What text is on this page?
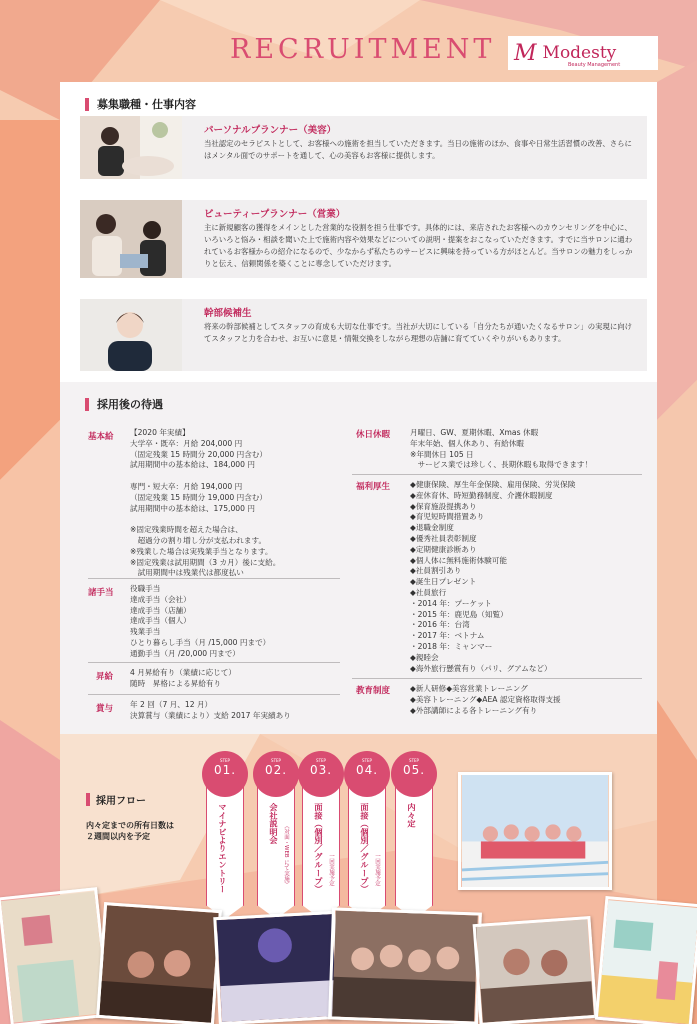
RECRUITMENT M Modesty
Beauty Management
募集職種・仕事内容
パーソナルプランナー（美容）
当社認定のセラピストとして、お客様への施術を担当していただきます。当日の施術のほか、食事や日常生活習慣の改善、さらにはメンタル面でのサポートを通して、心の美容もお客様に提供します。
ビューティープランナー（営業）
主に新規顧客の獲得をメインとした営業的な役割を担う仕事です。具体的には、来店されたお客様へのカウンセリングを中心に、いろいろと悩み・相談を聞いた上で施術内容や効果などについての説明・提案をおこなっていただきます。すでに当サロンに通われているお客様からの紹介になるので、少なからず私たちのサービスに興味を持っている方がほとんど。当サロンの魅力をしっかりと伝え、信頼関係を築くことに専念していただけます。
幹部候補生
将来の幹部候補としてスタッフの育成も大切な仕事です。当社が大切にしている「自分たちが通いたくなるサロン」の実現に向けてスタッフと力を合わせ、お互いに意見・情報交換をしながら理想の店舗に育てていくやりがいもあります。
採用後の待遇
基本給 【2020 年実績】
大学卒・既卒：月給 204,000 円
（固定残業 15 時間分 20,000 円含む）
試用期間中の基本給は、184,000 円

専門・短大卒：月給 194,000 円
（固定残業 15 時間分 19,000 円含む）
試用期間中の基本給は、175,000 円

※固定残業時間を超えた場合は、
　超過分の割り増し分が支払われます。
※残業した場合は実残業手当となります。
※固定残業は試用期間（3 カ月）後に支給。
　試用期間中は残業代は都度払い
諸手当 役職手当
達成手当（会社）
達成手当（店舗）
達成手当（個人）
残業手当
ひとり暮らし手当（月 /15,000 円まで）
通勤手当（月 /20,000 円まで）
昇給 4 月昇給有り（業績に応じて）
随時　昇格による昇給有り
賞与 年 2 回（7 月、12 月）
決算賞与（業績により）支給 2017 年実績あり
休日休暇	月曜日、GW、夏期休暇、Xmas 休暇
年末年始、個人休あり、有給休暇
※年間休日 105 日
　サービス業では珍しく、長期休暇も取得できます！
福利厚生	◆健康保険、厚生年金保険、雇用保険、労災保険
◆産休育休、時短勤務制度、介護休暇制度
◆保育施設提携あり
◆育児短時間措置あり
◆退職金制度
◆優秀社員表彰制度
◆定期健康診断あり
◆個人体に無料施術体験可能
◆社員割引あり
◆誕生日プレゼント
◆社員旅行
・2014 年：プーケット
・2015 年：鹿児島（知覧）
・2016 年：台湾
・2017 年：ベトナム
・2018 年：ミャンマー
◆親睦会
◆海外旅行懸賞有り（パリ、グアムなど）
教育制度	◆新人研修◆美容営業トレーニング
◆美容トレーニング◆AEA 認定資格取得支援
◆外部講師による各トレーニング有り
採用フロー
内々定までの所有日数は
２週間以内を予定
STEP
01.
マイナビよりエントリー
STEP
02.
会社説明会 （対面・WEB にて実施）
STEP
03.
面接（個別／グループ） 一回実施予定
STEP
04.
面接（個別／グループ） 一回実施予定
STEP
05.
内々定
